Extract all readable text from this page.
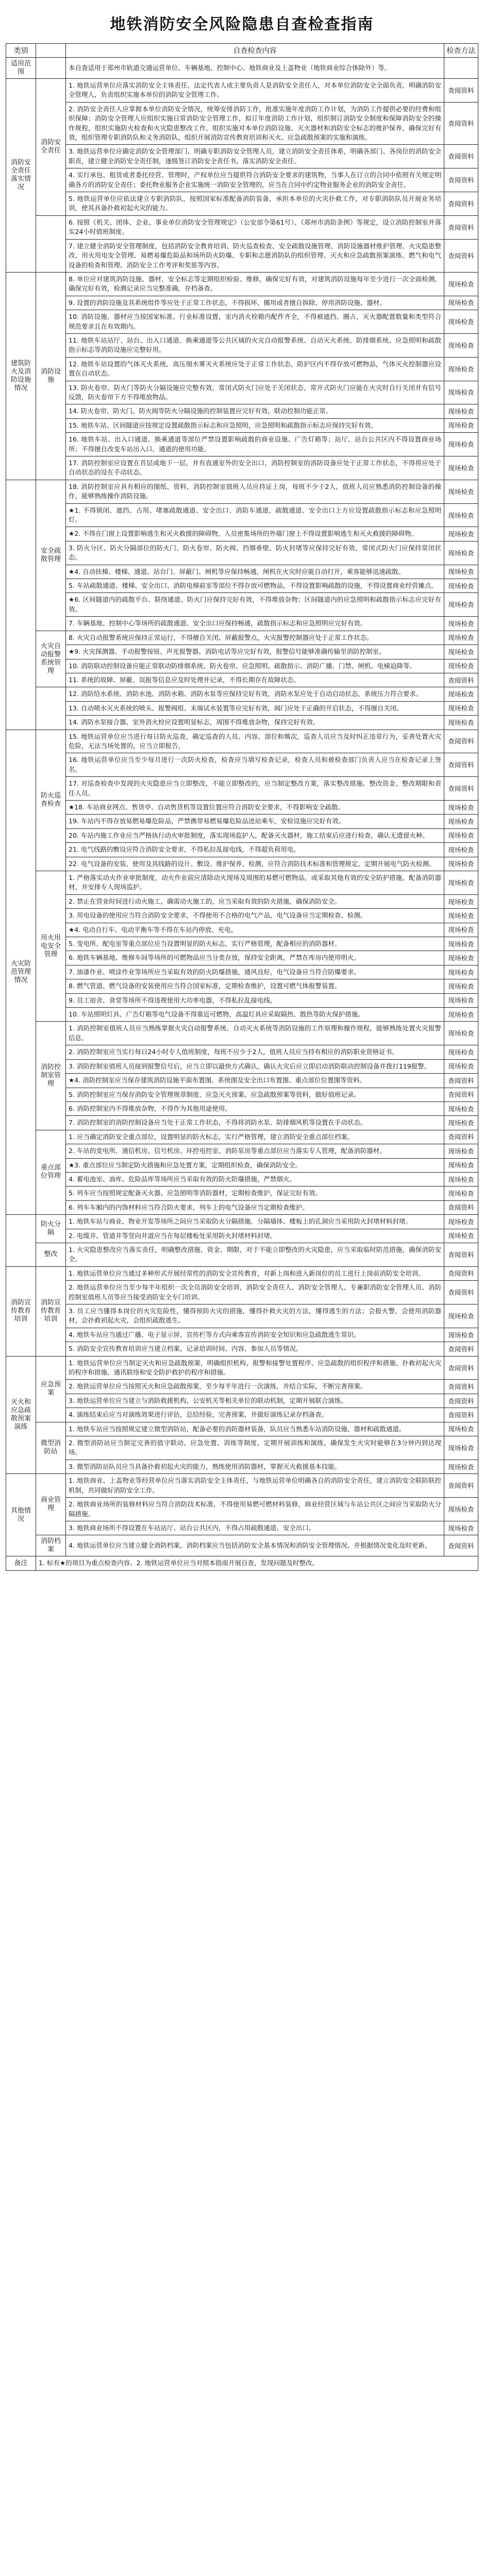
地铁消防安全风险隐患自查检查指南
类别		自查检查内容	检查方法
适用范围		本自查适用于郑州市轨道交通运营单位、车辆基地、控制中心、地铁商业及上盖物业（地铁商业综合体除外）等。	
消防安全责任落实情况	消防安全责任	1. 地铁运营单位应落实消防安全主体责任，法定代表人或主要负责人是消防安全责任人，对本单位消防安全全面负责，明确消防安全管理人，负责组织实施本单位的消防安全管理工作。	查阅资料
		2. 消防安全责任人应掌握本单位消防安全情况，统筹安排消防工作，批准实施年度消防工作计划，为消防工作提供必要的经费和组织保障；消防安全管理人应组织实施日常消防安全管理工作，拟订年度消防工作计划，组织制订消防安全制度和保障消防安全的操作规程，组织实施防火检查和火灾隐患整改工作，组织实施对本单位消防设施、灭火器材和消防安全标志的维护保养，确保完好有效，组织管理专职消防队和义务消防队，组织开展消防宣传教育培训和灭火、应急疏散预案的实施和演练。	查阅资料
		3. 地铁运营单位应确定消防安全管理部门、明确专职消防安全管理人员，建立消防安全责任体系，明确各部门、各岗位的消防安全职责，建立健全消防安全责任制，逐级签订消防安全责任书，落实消防安全责任。	查阅资料
		4. 实行承包、租赁或者委托经营、管理时，产权单位应当提供符合消防安全要求的建筑物，当事人在订立的合同中依照有关规定明确各方的消防安全责任；委托物业服务企业实施统一消防安全管理的，应当在合同中约定物业服务企业的消防安全责任。	查阅资料
		5. 地铁运营单位应依法建立专职消防队，按照国家标准配备消防装备，承担本单位的火灾扑救工作，对专职消防队员开展业务培训，使其具备扑救初起火灾的能力。	查阅资料
		6. 按照《机关、团体、企业、事业单位消防安全管理规定》（公安部令第61号）、《郑州市消防条例》等规定，设立消防控制室并落实24小时值班制度。	查阅资料
		7. 建立健全消防安全管理制度，包括消防安全教育培训、防火巡查检查、安全疏散设施管理、消防设施器材维护管理、火灾隐患整改、用火用电安全管理、易燃易爆危险品和场所防火防爆、专职和志愿消防队的组织管理、灭火和应急疏散预案演练、燃气和电气设备的检查和管理、消防安全工作考评和奖惩等内容。	查阅资料
建筑防火及消防设施情况	消防设施	8. 单位应对建筑消防设施、器材、安全标志等定期组织检验、维修，确保完好有效，对建筑消防设施每年至少进行一次全面检测，确保完好有效，检测记录应当完整准确，存档备查。	现场检查
		9. 设置的消防设施及其系统组件等应处于正常工作状态，不得损坏、挪用或者擅自拆除、停用消防设施、器材。	现场检查
		10. 消防设施、器材应当按国家标准、行业标准设置，室内消火栓箱内配件齐全，不得被遮挡、圈占，灭火器配置数量和类型符合规范要求且在有效期内。	现场检查
		11. 地铁车站站厅、站台、出入口通道、换乘通道等公共区域的火灾自动报警系统、自动灭火系统、防排烟系统、应急照明和疏散指示标志等消防设施应完整好用。	现场检查
		12. 地铁车站设置的气体灭火系统、高压细水雾灭火系统应处于正常工作状态，防护区内不得存放可燃物品，气体灭火控制器应设置在自动状态。	现场检查
		13. 防火卷帘、防火门等防火分隔设施应完整有效，常闭式防火门应处于关闭状态，常开式防火门应能在火灾时自行关闭并有信号反馈，防火卷帘下方不得堆放物品。	现场检查
		14. 防火卷帘、防火门、防火阀等防火分隔设施的控制装置应完好有效，联动控制功能正常。	现场检查
		15. 地铁车站、区间隧道应按规定设置疏散指示标志和应急照明，应急照明和疏散指示标志应保持完好有效。	现场检查
		16. 地铁车站、出入口通道、换乘通道等部位严禁设置影响疏散的商业设施、广告灯箱等；站厅、站台公共区内不得设置商业场所；不得擅自改变车站出入口、通道的使用功能。	现场检查
		17. 消防控制室应设置在首层或地下一层，并有直通室外的安全出口，消防控制室的消防设备应处于正常工作状态，不得将应处于自动状态的设在手动状态。	现场检查
	安全疏散管理	18. 消防控制室应具有相应的图纸、资料，消防控制室值班人员应持证上岗，每班不少于2人，值班人员应熟悉消防控制设备的操作，能够熟练操作消防设施。	现场检查
		★1. 不得锁闭、遮挡、占用、堵塞疏散通道、安全出口、消防车通道，疏散通道、安全出口上方应设置疏散指示标志和应急照明灯。	现场检查
		★2. 不得在门窗上设置影响逃生和灭火救援的障碍物，人员密集场所的外墙门窗上不得设置影响逃生和灭火救援的障碍物。	现场检查
		3. 防火分区、防火分隔部位的防火门、防火卷帘、防火阀、挡烟垂壁、防火封堵等应保持完好有效，常闭式防火门应保持常闭状态。	现场检查
		★4. 自动扶梯、楼梯、通道、站台门、屏蔽门、闸机等应保持畅通，闸机在火灾时应能自动打开，乘客能够迅速疏散。	现场检查
		5. 车站疏散通道、楼梯、安全出口、消防电梯前室等部位不得存放可燃物品，不得设置影响疏散的设施，不得设置商业经营摊点。	现场检查
		★6. 区间隧道内的疏散平台、联络通道、防火门应保持完好有效，不得堆放杂物；区间隧道内的应急照明和疏散指示标志应完好有效。	现场检查
		7. 车辆基地、控制中心等场所的疏散通道、安全出口应保持畅通，疏散指示标志和应急照明应完好有效。	现场检查
	火灾自动报警系统管理	8. 火灾自动报警系统应保持正常运行，不得擅自关闭、屏蔽报警点，火灾报警控制器应处于正常工作状态。	现场检查
		★9. 火灾探测器、手动报警按钮、声光报警器、消防电话等应完好有效，报警信号能够准确传输至消防控制室。	现场检查
		10. 消防联动控制设备应能正常联动防排烟系统、防火卷帘、应急照明、疏散指示、消防广播、门禁、闸机、电梯迫降等。	现场检查
		11. 系统的故障、屏蔽、误报等信息应及时处理并记录，不得长期存在故障状态。	查阅资料
		12. 消防给水系统、消防水池、消防水箱、消防水泵等应保持完好有效，消防水泵应处于自动启动状态，系统压力符合要求。	现场检查
		13. 自动喷水灭火系统的喷头、报警阀组、末端试水装置等应完好有效，阀门应处于正确的开启状态，不得擅自关闭。	现场检查
		14. 消防水泵接合器、室外消火栓应设置明显标志，周围不得堆放杂物，保持完好有效。	现场检查
火灾防范管理情况	防火巡查检查	15. 地铁运营单位应当进行每日防火巡查，确定巡查的人员、内容、部位和频次，巡查人员应当及时纠正违章行为，妥善处置火灾危险，无法当场处置的，应当立即报告。	查阅资料
		16. 地铁运营单位应当至少每月进行一次防火检查，检查应当填写检查记录，检查人员和被检查部门负责人应当在检查记录上签名。	查阅资料
		17. 对巡查检查中发现的火灾隐患应当立即整改，不能立即整改的，应当制定整改方案，落实整改措施、整改资金、整改期限和责任人员。	查阅资料
		★18. 车站商业网点、售货亭、自动售货机等设置位置应符合消防安全要求，不得影响安全疏散。	现场检查
		19. 车站内不得存放易燃易爆危险品，严禁携带易燃易爆危险品进站乘车，安检设施应完好有效。	现场检查
		20. 车站内施工作业应当严格执行动火审批制度，落实现场监护人，配备灭火器材，施工结束后应进行检查，确认无遗留火种。	现场检查
		21. 电气线路的敷设应符合消防安全要求，不得私拉乱接电线，不得超负荷用电。	现场检查
		22. 电气设备的安装、使用及其线路的设计、敷设、维护保养、检测，应符合消防技术标准和管理规定，定期开展电气防火检测。	现场检查
	用火用电安全管理	1. 严格落实动火作业审批制度，动火作业前应清除动火现场及周围的易燃可燃物品，或采取其他有效的安全防护措施，配备消防器材，并安排专人现场监护。	现场检查
		2. 禁止在营业时间进行动火施工，确需动火施工的，应当采取有效的防火措施，确保消防安全。	现场检查
		3. 用电设备的使用应当符合消防安全要求，不得使用不合格的电气产品，电气设备应当定期检查、检测。	现场检查
		★4. 电动自行车、电动平衡车等不得在车站内停放、充电。	现场检查
		5. 变电所、配电室等重点部位应当设置明显的防火标志，实行严格管理，配备相应的消防器材。	现场检查
		6. 地铁车辆基地、维修车间等场所的可燃物品应当分类存放，保持安全距离，严禁在库房内使用明火。	现场检查
		7. 油漆作业、喷涂作业等场所应当采取有效的防火防爆措施，通风良好，电气设备应当符合防爆要求。	现场检查
		8. 燃气管道、燃气设备的安装使用应当符合国家标准，定期检查维护，设置可燃气体报警装置。	现场检查
		9. 员工宿舍、食堂等场所不得违规使用大功率电器，不得私拉乱接电线。	现场检查
		10. 车站照明灯具、广告灯箱等电气设备不得靠近可燃物，高温灯具应采取隔热、散热等防火保护措施。	现场检查
	消防控制室管理	1. 消防控制室值班人员应当熟练掌握火灾自动报警系统、自动灭火系统等消防设施的工作原理和操作规程，能够熟练处置火灾报警信息。	现场检查
		2. 消防控制室应当实行每日24小时专人值班制度，每班不应少于2人，值班人员应当持有相应的消防职业资格证书。	现场检查
		3. 消防控制室值班人员接到报警信号后，应当立即以最快方式确认，确认火灾后应立即启动消防联动控制设备并拨打119报警。	现场检查
		★4. 消防控制室应当保存建筑消防设施平面布置图、系统图及安全出口布置图、重点部位位置图等资料。	查阅资料
		5. 消防控制室应当保存消防安全管理规章制度、应急灭火预案、应急疏散预案等资料，做好值班记录。	查阅资料
		6. 消防控制室内不得堆放杂物，不得作为其他用途使用。	现场检查
		7. 消防控制室的消防控制设备应当处于正常工作状态，不得将消防水泵、防排烟风机等设置在手动状态。	现场检查
	重点部位管理	1. 应当确定消防安全重点部位，设置明显的防火标志，实行严格管理，建立消防安全重点部位档案。	查阅资料
		2. 车站的变电所、通信机房、信号机房、环控电控室、消防泵房等重点部位应当落实专人管理，配备消防器材。	现场检查
		★3. 重点部位应当制定防火措施和应急处置方案，定期组织检查，确保消防安全。	现场检查
		4. 蓄电池室、油库、危险品库等场所应当采取有效的防火防爆措施，严禁烟火。	现场检查
		5. 列车应当按照规定配备灭火器、应急照明等消防器材，定期检查维护，保证完好有效。	现场检查
		6. 列车车厢内的内饰材料应当符合防火要求，列车上的电气设备应当定期检查维护。	查阅资料
	防火分隔	1. 地铁车站与商业、物业开发等场所之间应当采取防火分隔措施，分隔墙体、楼板上的孔洞应当采用防火封堵材料封堵。	现场检查
		2. 电缆井、管道井等竖向井道应当在每层楼板处采用防火封堵材料封堵。	现场检查
	整改	1. 火灾隐患整改应当落实责任，明确整改措施、资金、期限，对于不能立即整改的火灾隐患，应当采取临时防范措施，确保消防安全。	查阅资料
消防宣传教育培训	消防宣传教育培训	1. 地铁运营单位应当通过多种形式开展经常性的消防安全宣传教育，对新上岗和进入新岗位的员工进行上岗前消防安全培训。	查阅资料
		2. 地铁运营单位应当至少每半年组织一次全员消防安全培训，消防安全责任人、消防安全管理人、专兼职消防安全管理人员、消防控制室值班人员等应当接受消防安全专门培训。	查阅资料
		3. 员工应当懂得本岗位的火灾危险性，懂得预防火灾的措施，懂得扑救火灾的方法，懂得逃生的方法；会报火警，会使用消防器材，会扑救初起火灾，会组织疏散逃生。	现场检查
		4. 地铁车站应当通过广播、电子显示屏、宣传栏等方式向乘客宣传消防安全知识和应急疏散逃生常识。	现场检查
		5. 消防安全宣传教育培训应当建立档案，记录培训时间、内容、参加人员等情况。	查阅资料
灭火和应急疏散预案演练	应急预案	1. 地铁运营单位应当制定灭火和应急疏散预案，明确组织机构、报警和接警处置程序、应急疏散的组织程序和措施、扑救初起火灾的程序和措施、通讯联络和安全防护救护的程序和措施。	查阅资料
		2. 地铁运营单位应当按照灭火和应急疏散预案，至少每半年进行一次演练，并结合实际，不断完善预案。	查阅资料
		3. 地铁运营单位应当建立与消防救援机构、公安机关等相关单位的联动机制，定期开展联合演练。	查阅资料
		4. 演练结束后应当对演练效果进行评估，总结经验，完善预案，并做好演练记录存档备查。	查阅资料
	微型消防站	1. 地铁车站应当按照规定建立微型消防站，配备必要的消防器材装备，队员应当熟悉车站消防设施、器材和疏散通道。	现场检查
		2. 微型消防站应当制定完善的值守联动、应急处置、训练等制度，定期开展训练和演练，确保发生火灾时能够在3分钟内到达现场。	现场检查
		3. 微型消防站队员应当具备扑救初起火灾的能力，熟练使用消防器材，掌握灭火救援基本技能。	现场检查
其他情况	商业管理	1. 地铁商业、上盖物业等经营单位应当落实消防安全主体责任，与地铁运营单位明确各自的消防安全责任，建立消防安全联防联控机制，共同做好消防安全工作。	查阅资料
		2. 地铁商业场所的装修材料应当符合消防技术标准，不得使用易燃可燃材料装修，商业经营区域与车站公共区之间应当采取防火分隔措施。	现场检查
		3. 地铁商业场所不得设置在车站站厅、站台公共区内，不得占用疏散通道、安全出口。	现场检查
	消防档案	4. 地铁运营单位应当建立健全消防档案，消防档案应当包括消防安全基本情况和消防安全管理情况，并根据情况变化及时更新。	查阅资料
备注	1. 标有★的项目为重点检查内容。2. 地铁运营单位应当对照本指南开展自查，发现问题及时整改。		
